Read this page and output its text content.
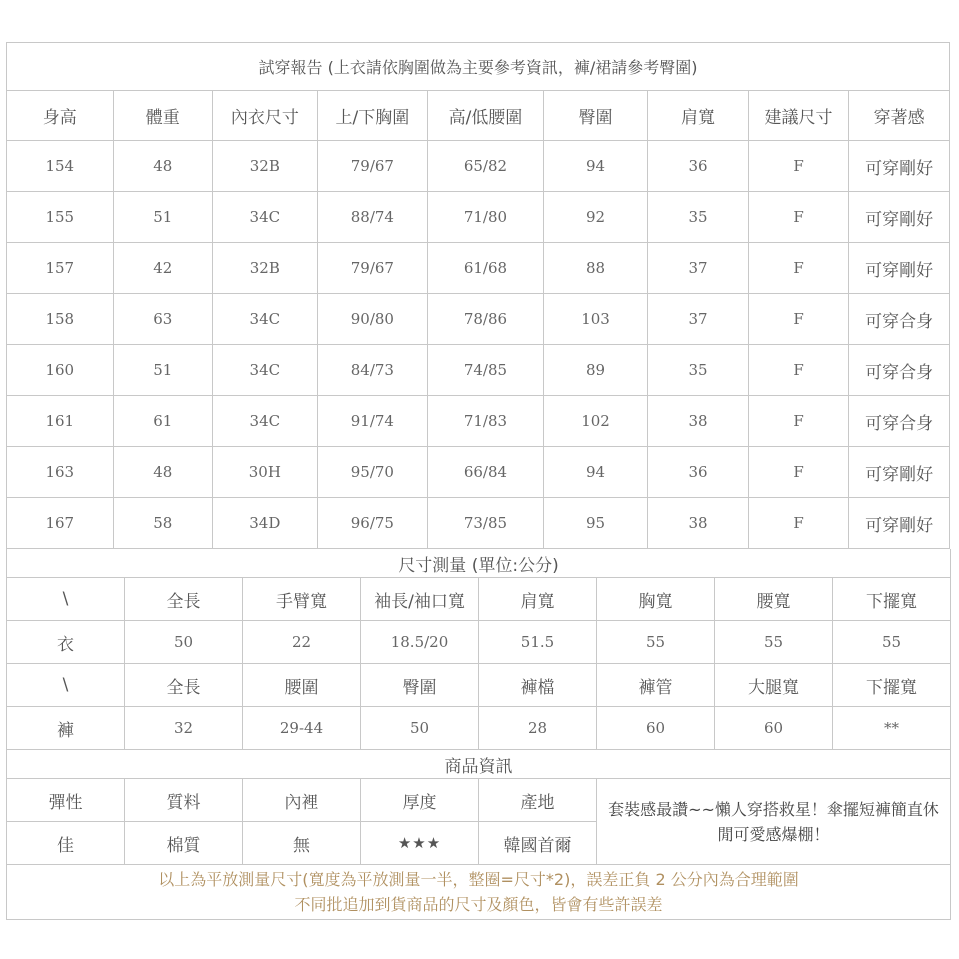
試穿報告 (上衣請依胸圍做為主要參考資訊，褲/裙請參考臀圍)								
身高	體重	內衣尺寸	上/下胸圍	高/低腰圍	臀圍	肩寬	建議尺寸	穿著感
154	48	32B	79/67	65/82	94	36	F	可穿剛好
155	51	34C	88/74	71/80	92	35	F	可穿剛好
157	42	32B	79/67	61/68	88	37	F	可穿剛好
158	63	34C	90/80	78/86	103	37	F	可穿合身
160	51	34C	84/73	74/85	89	35	F	可穿合身
161	61	34C	91/74	71/83	102	38	F	可穿合身
163	48	30H	95/70	66/84	94	36	F	可穿剛好
167	58	34D	96/75	73/85	95	38	F	可穿剛好
尺寸測量 (單位:公分)							
\	全長	手臂寬	袖長/袖口寬	肩寬	胸寬	腰寬	下擺寬
衣	50	22	18.5/20	51.5	55	55	55
\	全長	腰圍	臀圍	褲檔	褲管	大腿寬	下擺寬
褲	32	29-44	50	28	60	60	**
商品資訊					
彈性	質料	內裡	厚度	產地	套裝感最讚~~懶人穿搭救星！傘擺短褲簡直休閒可愛感爆棚！
佳	棉質	無	★★★	韓國首爾	

以上為平放測量尺寸(寬度為平放測量一半，整圈=尺寸*2)，誤差正負 2 公分內為合理範圍
不同批追加到貨商品的尺寸及顏色，皆會有些許誤差					
